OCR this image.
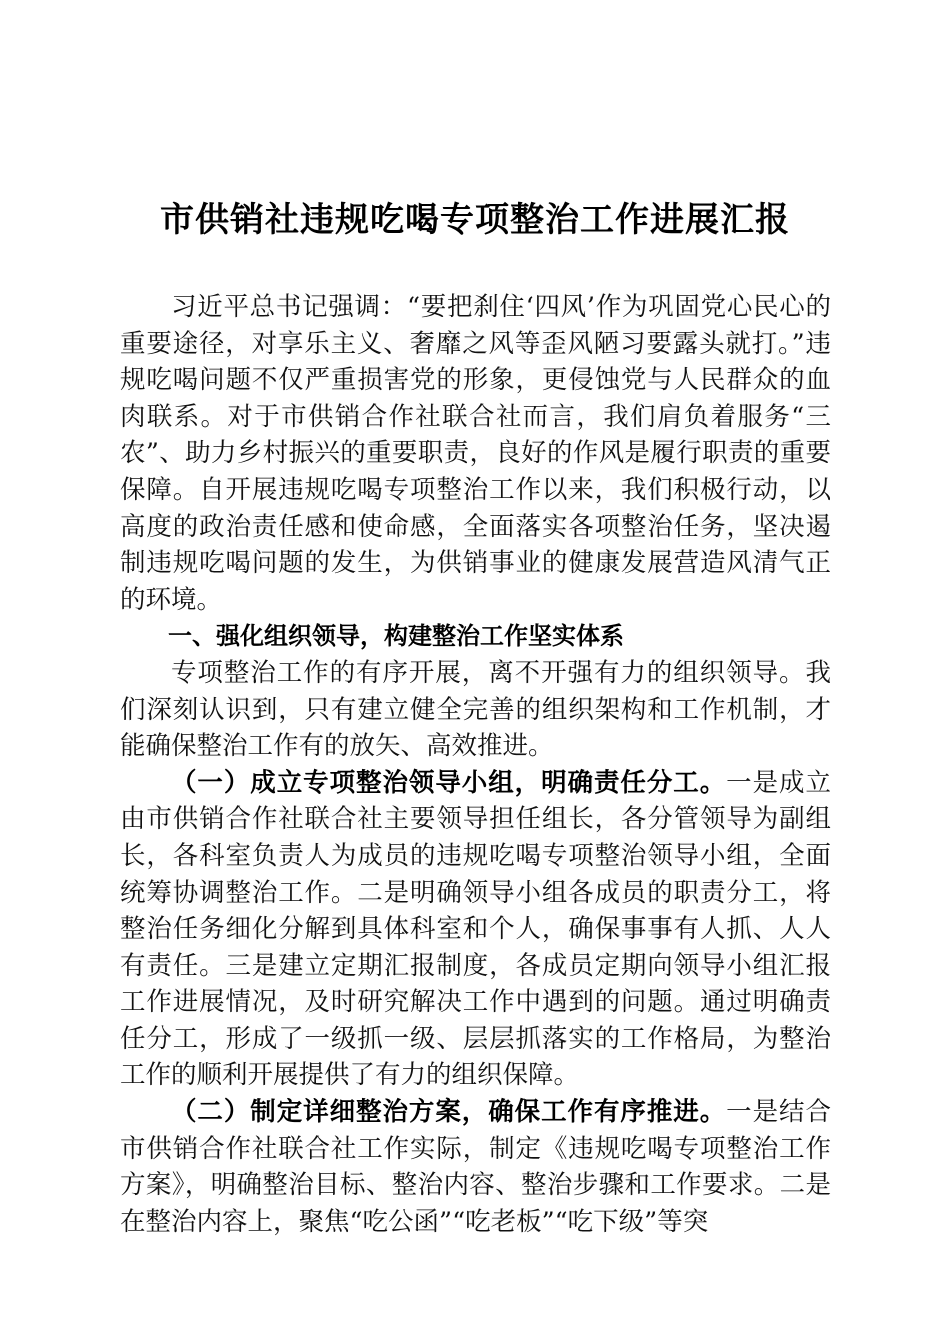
市供销社违规吃喝专项整治工作进展汇报

习近平总书记强调：“要把刹住‘四风’作为巩固党心民心的重要途径，对享乐主义、奢靡之风等歪风陋习要露头就打。”违规吃喝问题不仅严重损害党的形象，更侵蚀党与人民群众的血肉联系。对于市供销合作社联合社而言，我们肩负着服务“三农”、助力乡村振兴的重要职责，良好的作风是履行职责的重要保障。自开展违规吃喝专项整治工作以来，我们积极行动，以高度的政治责任感和使命感，全面落实各项整治任务，坚决遏制违规吃喝问题的发生，为供销事业的健康发展营造风清气正的环境。

一、强化组织领导，构建整治工作坚实体系

专项整治工作的有序开展，离不开强有力的组织领导。我们深刻认识到，只有建立健全完善的组织架构和工作机制，才能确保整治工作有的放矢、高效推进。

（一）成立专项整治领导小组，明确责任分工。一是成立由市供销合作社联合社主要领导担任组长，各分管领导为副组长，各科室负责人为成员的违规吃喝专项整治领导小组，全面统筹协调整治工作。二是明确领导小组各成员的职责分工，将整治任务细化分解到具体科室和个人，确保事事有人抓、人人有责任。三是建立定期汇报制度，各成员定期向领导小组汇报工作进展情况，及时研究解决工作中遇到的问题。通过明确责任分工，形成了一级抓一级、层层抓落实的工作格局，为整治工作的顺利开展提供了有力的组织保障。

（二）制定详细整治方案，确保工作有序推进。一是结合市供销合作社联合社工作实际，制定《违规吃喝专项整治工作方案》，明确整治目标、整治内容、整治步骤和工作要求。二是在整治内容上，聚焦“吃公函”“吃老板”“吃下级”等突
